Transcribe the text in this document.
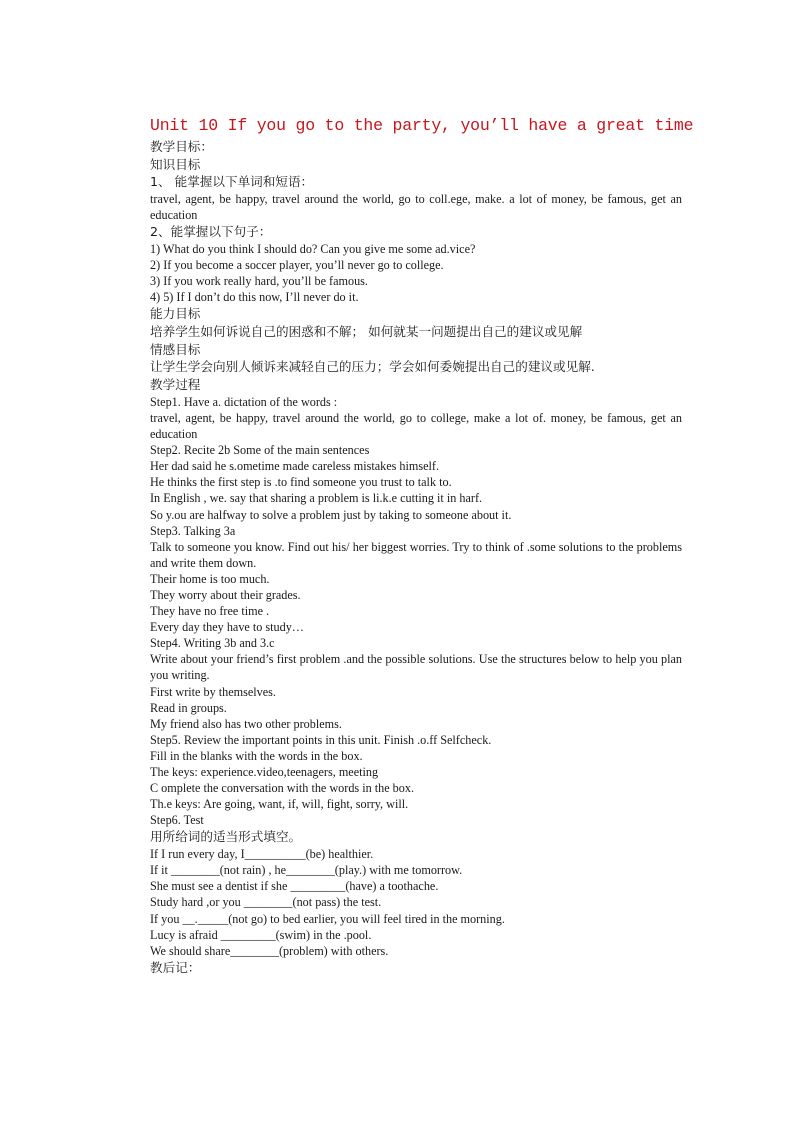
Unit 10 If you go to the party, you’ll have a great time
教学目标：
知识目标
1、 能掌握以下单词和短语：
travel, agent, be happy, travel around the world, go to coll.ege, make. a lot of money, be famous, get an education
2、能掌握以下句子：
1) What do you think I should do? Can you give me some ad.vice?
2) If you become a soccer player, you’ll never go to college.
3) If you work really hard, you’ll be famous.
4) 5) If I don’t do this now, I’ll never do it.
能力目标
培养学生如何诉说自己的困惑和不解； 如何就某一问题提出自己的建议或见解
情感目标
让学生学会向别人倾诉来减轻自己的压力；学会如何委婉提出自己的建议或见解.
教学过程
Step1. Have a. dictation of the words :
travel, agent, be happy, travel around the world, go to college, make a lot of. money, be famous, get an education
Step2. Recite 2b Some of the main sentences
Her dad said he s.ometime made careless mistakes himself.
He thinks the first step is .to find someone you trust to talk to.
In English , we. say that sharing a problem is li.k.e cutting it in harf.
So y.ou are halfway to solve a problem just by taking to someone about it.
Step3. Talking 3a
Talk to someone you know. Find out his/ her biggest worries. Try to think of .some solutions to the problems and write them down.
Their home is too much.
They worry about their grades.
They have no free time .
Every day they have to study…
Step4. Writing 3b and 3.c
Write about your friend’s first problem .and the possible solutions. Use the structures below to help you plan you writing.
First write by themselves.
Read in groups.
My friend also has two other problems.
Step5. Review the important points in this unit. Finish .o.ff Selfcheck.
Fill in the blanks with the words in the box.
The keys: experience.video,teenagers, meeting
C omplete the conversation with the words in the box.
Th.e keys: Are going, want, if, will, fight, sorry, will.
Step6. Test
用所给词的适当形式填空。
If I run every day, I__________(be) healthier.
If it ________(not rain) , he________(play.) with me tomorrow.
She must see a dentist if she _________(have) a toothache.
Study hard ,or you ________(not pass) the test.
If you __._____(not go) to bed earlier, you will feel tired in the morning.
Lucy is afraid _________(swim) in the .pool.
We should share________(problem) with others.
教后记：
